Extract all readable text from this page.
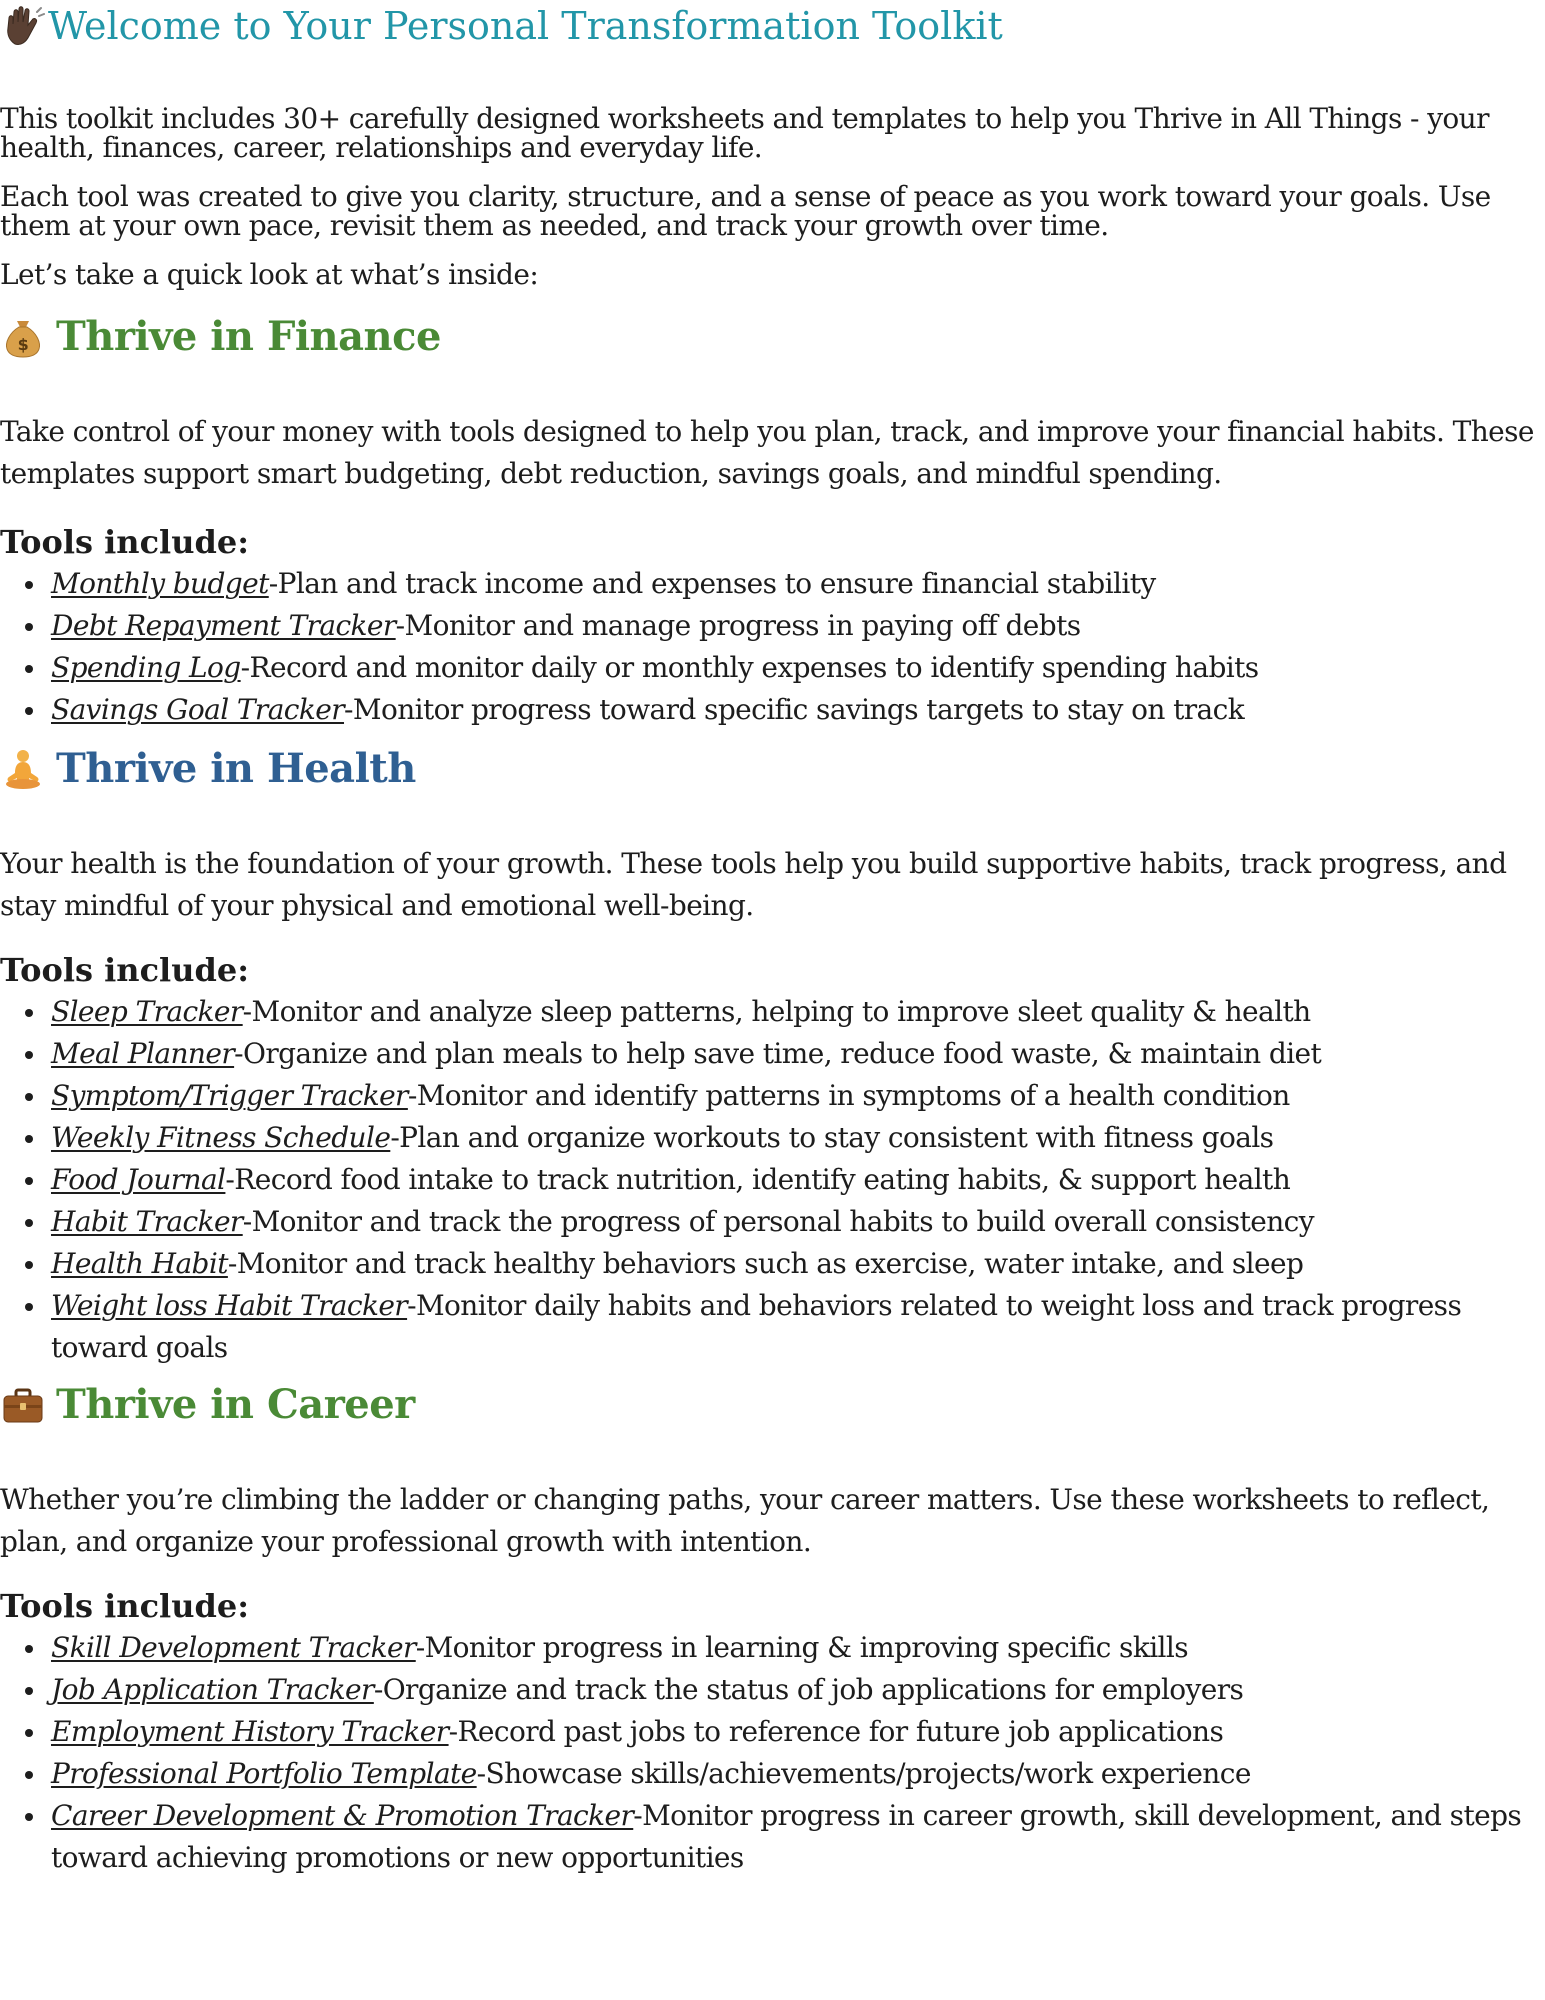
Welcome to Your Personal Transformation Toolkit

This toolkit includes 30+ carefully designed worksheets and templates to help you Thrive in All Things - your health, finances, career, relationships and everyday life.

Each tool was created to give you clarity, structure, and a sense of peace as you work toward your goals. Use them at your own pace, revisit them as needed, and track your growth over time.

Let’s take a quick look at what’s inside:

$ Thrive in Finance

Take control of your money with tools designed to help you plan, track, and improve your financial habits. These templates support smart budgeting, debt reduction, savings goals, and mindful spending.

Tools include:

Monthly budget-Plan and track income and expenses to ensure financial stability
Debt Repayment Tracker-Monitor and manage progress in paying off debts
Spending Log-Record and monitor daily or monthly expenses to identify spending habits
Savings Goal Tracker-Monitor progress toward specific savings targets to stay on track
Thrive in Health

Your health is the foundation of your growth. These tools help you build supportive habits, track progress, and stay mindful of your physical and emotional well-being.

Tools include:

Sleep Tracker-Monitor and analyze sleep patterns, helping to improve sleet quality & health
Meal Planner-Organize and plan meals to help save time, reduce food waste, & maintain diet
Symptom/Trigger Tracker-Monitor and identify patterns in symptoms of a health condition
Weekly Fitness Schedule-Plan and organize workouts to stay consistent with fitness goals
Food Journal-Record food intake to track nutrition, identify eating habits, & support health
Habit Tracker-Monitor and track the progress of personal habits to build overall consistency
Health Habit-Monitor and track healthy behaviors such as exercise, water intake, and sleep
Weight loss Habit Tracker-Monitor daily habits and behaviors related to weight loss and track progress toward goals
Thrive in Career

Whether you’re climbing the ladder or changing paths, your career matters. Use these worksheets to reflect, plan, and organize your professional growth with intention.

Tools include:

Skill Development Tracker-Monitor progress in learning & improving specific skills
Job Application Tracker-Organize and track the status of job applications for employers
Employment History Tracker-Record past jobs to reference for future job applications
Professional Portfolio Template-Showcase skills/achievements/projects/work experience
Career Development & Promotion Tracker-Monitor progress in career growth, skill development, and steps toward achieving promotions or new opportunities
